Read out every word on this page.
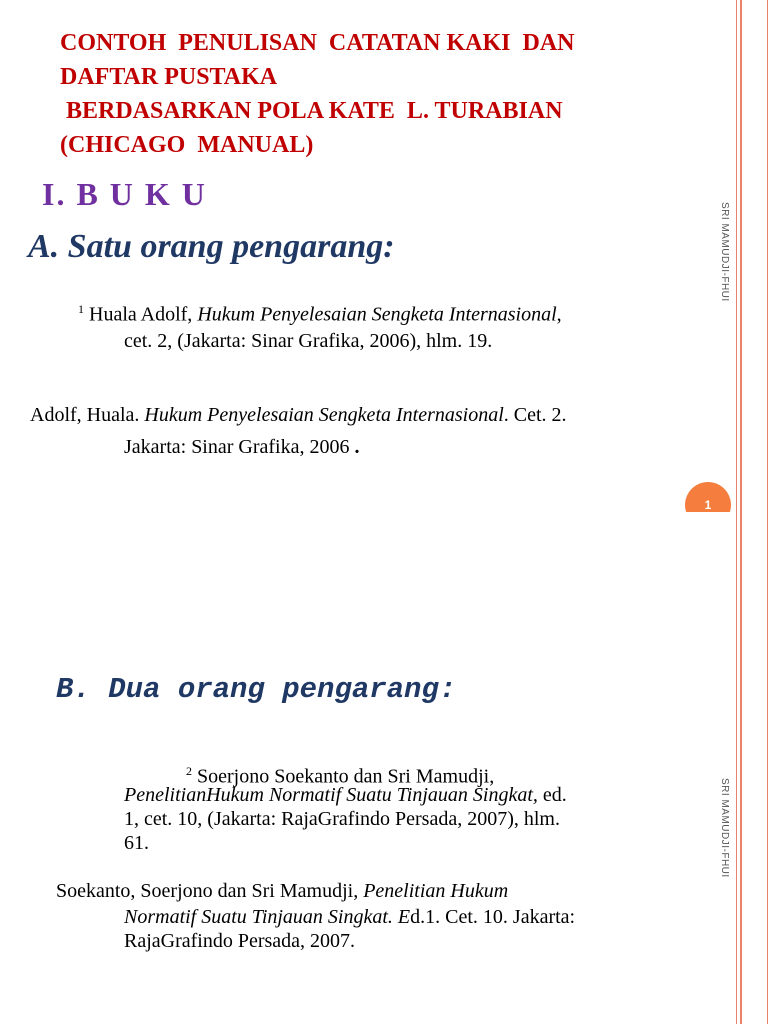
CONTOH  PENULISAN  CATATAN KAKI  DAN
DAFTAR PUSTAKA
BERDASARKAN POLA KATE  L. TURABIAN
(CHICAGO  MANUAL)
I. B U K U
A. Satu orang pengarang:	SRI MAMUDJI-FHUI
$^1$ Huala Adolf, Hukum Penyelesaian Sengketa Internasional,
cet. 2, (Jakarta: Sinar Grafika, 2006), hlm. 19.
Adolf, Huala. Hukum Penyelesaian Sengketa Internasional. Cet. 2.
Jakarta: Sinar Grafika, 2006 .
1
SRI MAMUDJI-FHUI
B. Dua orang pengarang:
$^2$ Soerjono Soekanto dan Sri Mamudji,
PenelitianHukum Normatif Suatu Tinjauan Singkat, ed.
1, cet. 10, (Jakarta: RajaGrafindo Persada, 2007), hlm.
61.
Soekanto, Soerjono dan Sri Mamudji, Penelitian Hukum
Normatif Suatu Tinjauan Singkat. Ed.1. Cet. 10. Jakarta:
RajaGrafindo Persada, 2007.
